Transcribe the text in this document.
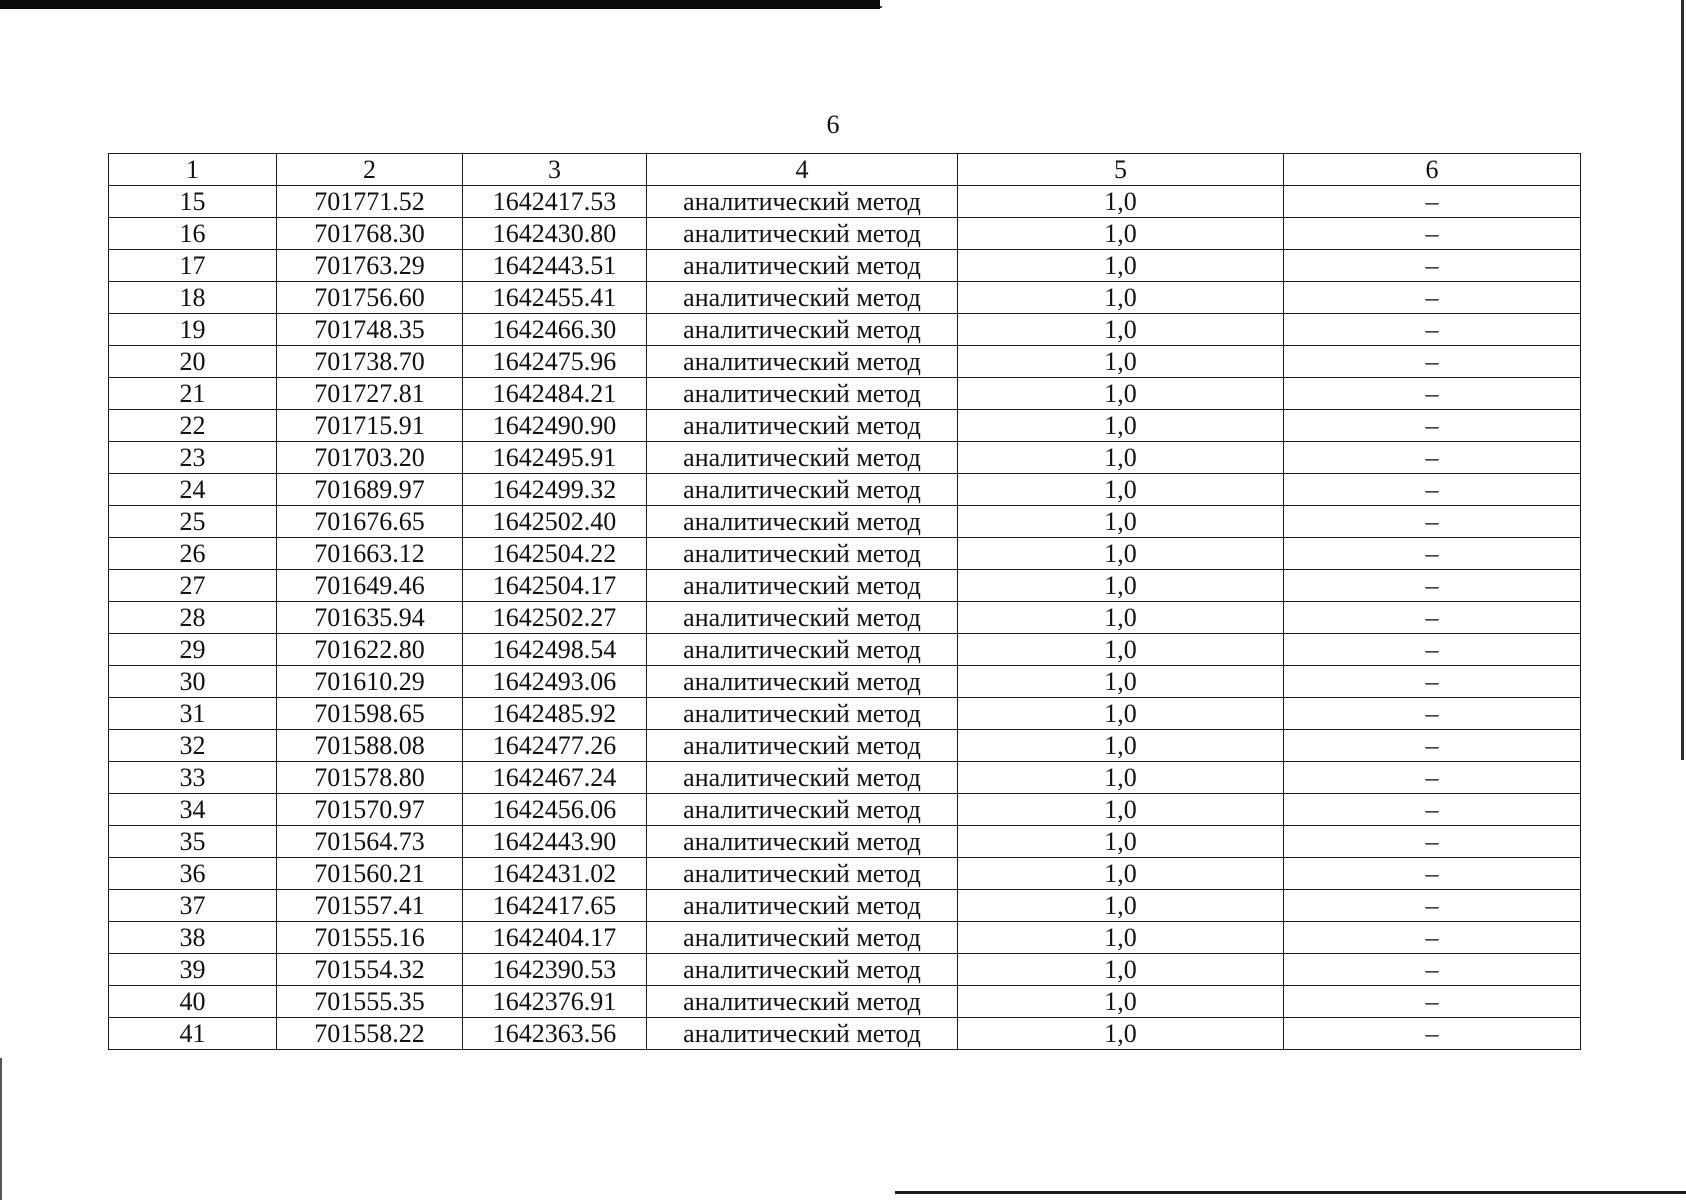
6
1	2	3	4	5	6
15	701771.52	1642417.53	аналитический метод	1,0	–
16	701768.30	1642430.80	аналитический метод	1,0	–
17	701763.29	1642443.51	аналитический метод	1,0	–
18	701756.60	1642455.41	аналитический метод	1,0	–
19	701748.35	1642466.30	аналитический метод	1,0	–
20	701738.70	1642475.96	аналитический метод	1,0	–
21	701727.81	1642484.21	аналитический метод	1,0	–
22	701715.91	1642490.90	аналитический метод	1,0	–
23	701703.20	1642495.91	аналитический метод	1,0	–
24	701689.97	1642499.32	аналитический метод	1,0	–
25	701676.65	1642502.40	аналитический метод	1,0	–
26	701663.12	1642504.22	аналитический метод	1,0	–
27	701649.46	1642504.17	аналитический метод	1,0	–
28	701635.94	1642502.27	аналитический метод	1,0	–
29	701622.80	1642498.54	аналитический метод	1,0	–
30	701610.29	1642493.06	аналитический метод	1,0	–
31	701598.65	1642485.92	аналитический метод	1,0	–
32	701588.08	1642477.26	аналитический метод	1,0	–
33	701578.80	1642467.24	аналитический метод	1,0	–
34	701570.97	1642456.06	аналитический метод	1,0	–
35	701564.73	1642443.90	аналитический метод	1,0	–
36	701560.21	1642431.02	аналитический метод	1,0	–
37	701557.41	1642417.65	аналитический метод	1,0	–
38	701555.16	1642404.17	аналитический метод	1,0	–
39	701554.32	1642390.53	аналитический метод	1,0	–
40	701555.35	1642376.91	аналитический метод	1,0	–
41	701558.22	1642363.56	аналитический метод	1,0	–
